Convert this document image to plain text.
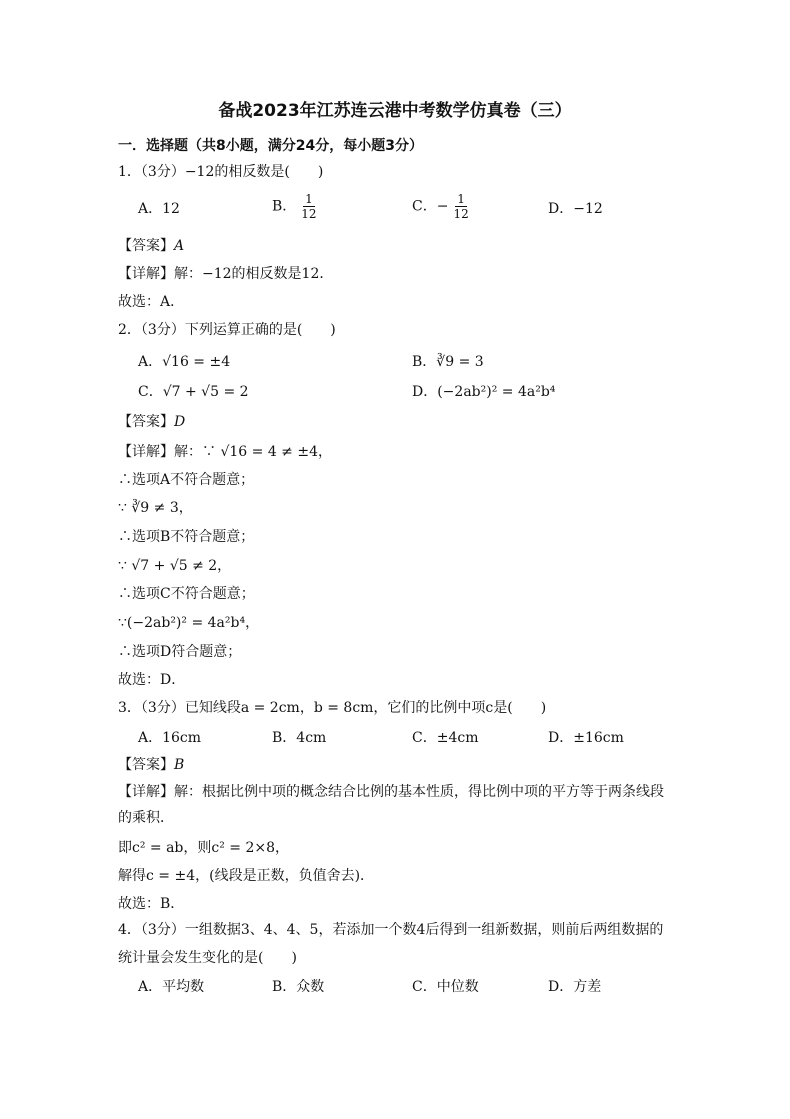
备战2023年江苏连云港中考数学仿真卷（三）
一．选择题（共8小题，满分24分，每小题3分）
1．（3分）−12的相反数是(　　)
A．12	B． $\frac{1}{12}$	C．− $\frac{1}{12}$	D．−12
【答案】A
【详解】解：−12的相反数是12．
故选：A．
2．（3分）下列运算正确的是(　　)
A．√16 = ±4	B．∛9 = 3
C．√7 + √5 = 2	D．(−2ab²)² = 4a²b⁴
【答案】D
【详解】解：∵ √16 = 4 ≠ ±4，
∴选项A不符合题意；
∵ ∛9 ≠ 3，
∴选项B不符合题意；
∵ √7 + √5 ≠ 2，
∴选项C不符合题意；
∵(−2ab²)² = 4a²b⁴，
∴选项D符合题意；
故选：D．
3．（3分）已知线段a = 2cm，b = 8cm，它们的比例中项c是(　　)
A．16cm	B．4cm	C．±4cm	D．±16cm
【答案】B
【详解】解：根据比例中项的概念结合比例的基本性质，得比例中项的平方等于两条线段
的乘积．
即c² = ab，则c² = 2×8，
解得c = ±4，(线段是正数，负值舍去)．
故选：B．
4．（3分）一组数据3、4、4、5，若添加一个数4后得到一组新数据，则前后两组数据的
统计量会发生变化的是(　　)
A．平均数	B．众数	C．中位数	D．方差
